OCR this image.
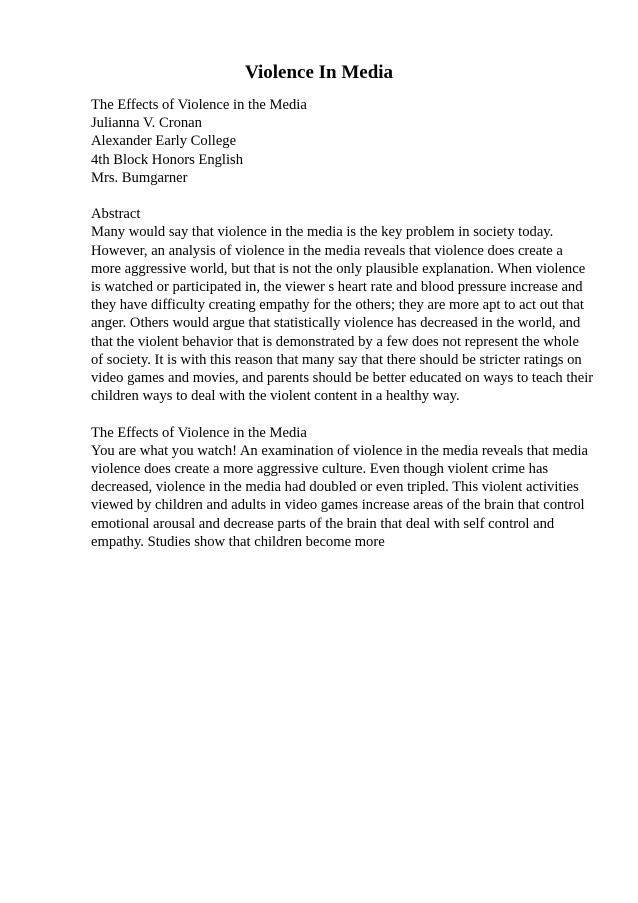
Violence In Media
The Effects of Violence in the Media
Julianna V. Cronan
Alexander Early College
4th Block Honors English
Mrs. Bumgarner
Abstract
Many would say that violence in the media is the key problem in society today.
However, an analysis of violence in the media reveals that violence does create a
more aggressive world, but that is not the only plausible explanation. When violence
is watched or participated in, the viewer s heart rate and blood pressure increase and
they have difficulty creating empathy for the others; they are more apt to act out that
anger. Others would argue that statistically violence has decreased in the world, and
that the violent behavior that is demonstrated by a few does not represent the whole
of society. It is with this reason that many say that there should be stricter ratings on
video games and movies, and parents should be better educated on ways to teach their
children ways to deal with the violent content in a healthy way.
The Effects of Violence in the Media
You are what you watch! An examination of violence in the media reveals that media
violence does create a more aggressive culture. Even though violent crime has
decreased, violence in the media had doubled or even tripled. This violent activities
viewed by children and adults in video games increase areas of the brain that control
emotional arousal and decrease parts of the brain that deal with self control and
empathy. Studies show that children become more
